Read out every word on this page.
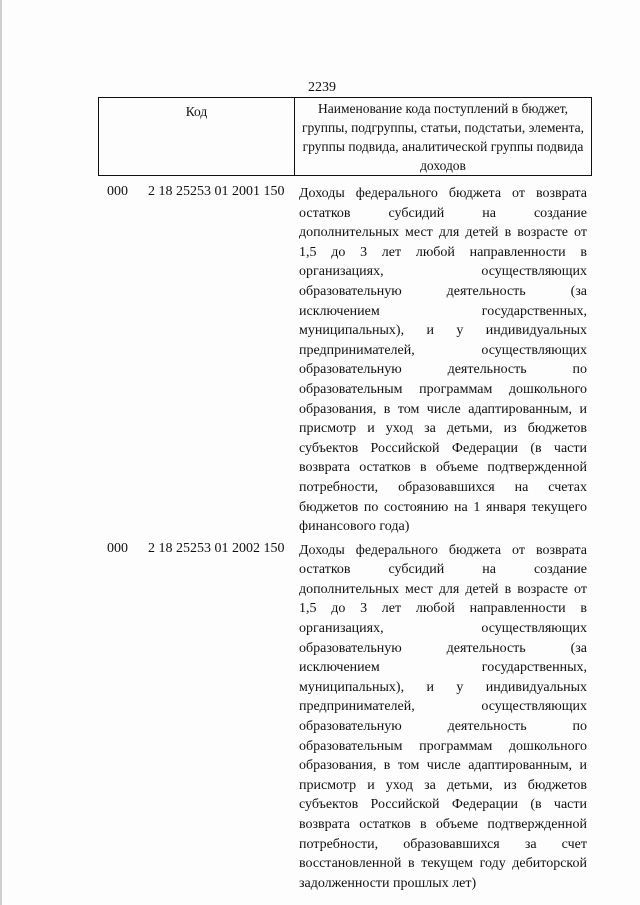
2239
Код	Наименование кода поступлений в бюджет, группы, подгруппы, статьи, подстатьи, элемента, группы подвида, аналитической группы подвида доходов
000 2 18 25253 01 2001 150 Доходы федерального бюджета от возврата остатков субсидий на создание дополнительных мест для детей в возрасте от 1,5 до 3 лет любой направленности в организациях, осуществляющих образовательную деятельность (за исключением государственных, муниципальных), и у индивидуальных предпринимателей, осуществляющих образовательную деятельность по образовательным программам дошкольного образования, в том числе адаптированным, и присмотр и уход за детьми, из бюджетов субъектов Российской Федерации (в части возврата остатков в объеме подтвержденной потребности, образовавшихся на счетах бюджетов по состоянию на 1 января текущего финансового года)
000 2 18 25253 01 2002 150 Доходы федерального бюджета от возврата остатков субсидий на создание дополнительных мест для детей в возрасте от 1,5 до 3 лет любой направленности в организациях, осуществляющих образовательную деятельность (за исключением государственных, муниципальных), и у индивидуальных предпринимателей, осуществляющих образовательную деятельность по образовательным программам дошкольного образования, в том числе адаптированным, и присмотр и уход за детьми, из бюджетов субъектов Российской Федерации (в части возврата остатков в объеме подтвержденной потребности, образовавшихся за счет восстановленной в текущем году дебиторской задолженности прошлых лет)
